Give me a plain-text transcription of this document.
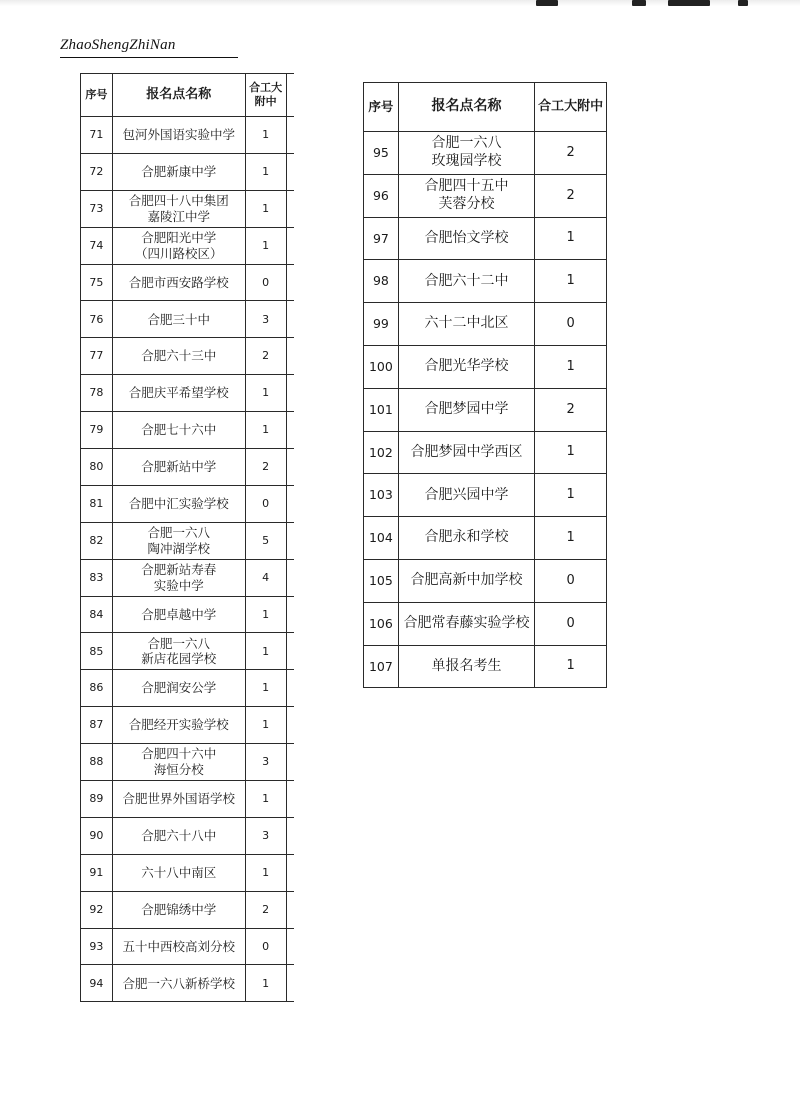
ZhaoShengZhiNan
序号	报名点名称	合工大附中	
71	包河外国语实验中学	1	
72	合肥新康中学	1	
73	合肥四十八中集团
嘉陵江中学	1	
74	合肥阳光中学
（四川路校区）	1	
75	合肥市西安路学校	0	
76	合肥三十中	3	
77	合肥六十三中	2	
78	合肥庆平希望学校	1	
79	合肥七十六中	1	
80	合肥新站中学	2	
81	合肥中汇实验学校	0	
82	合肥一六八
陶冲湖学校	5	
83	合肥新站寿春
实验中学	4	
84	合肥卓越中学	1	
85	合肥一六八
新店花园学校	1	
86	合肥润安公学	1	
87	合肥经开实验学校	1	
88	合肥四十六中
海恒分校	3	
89	合肥世界外国语学校	1	
90	合肥六十八中	3	
91	六十八中南区	1	
92	合肥锦绣中学	2	
93	五十中西校高刘分校	0	
94	合肥一六八新桥学校	1	
序号	报名点名称	合工大附中
95	合肥一六八
玫瑰园学校	2
96	合肥四十五中
芙蓉分校	2
97	合肥怡文学校	1
98	合肥六十二中	1
99	六十二中北区	0
100	合肥光华学校	1
101	合肥梦园中学	2
102	合肥梦园中学西区	1
103	合肥兴园中学	1
104	合肥永和学校	1
105	合肥高新中加学校	0
106	合肥常春藤实验学校	0
107	单报名考生	1
